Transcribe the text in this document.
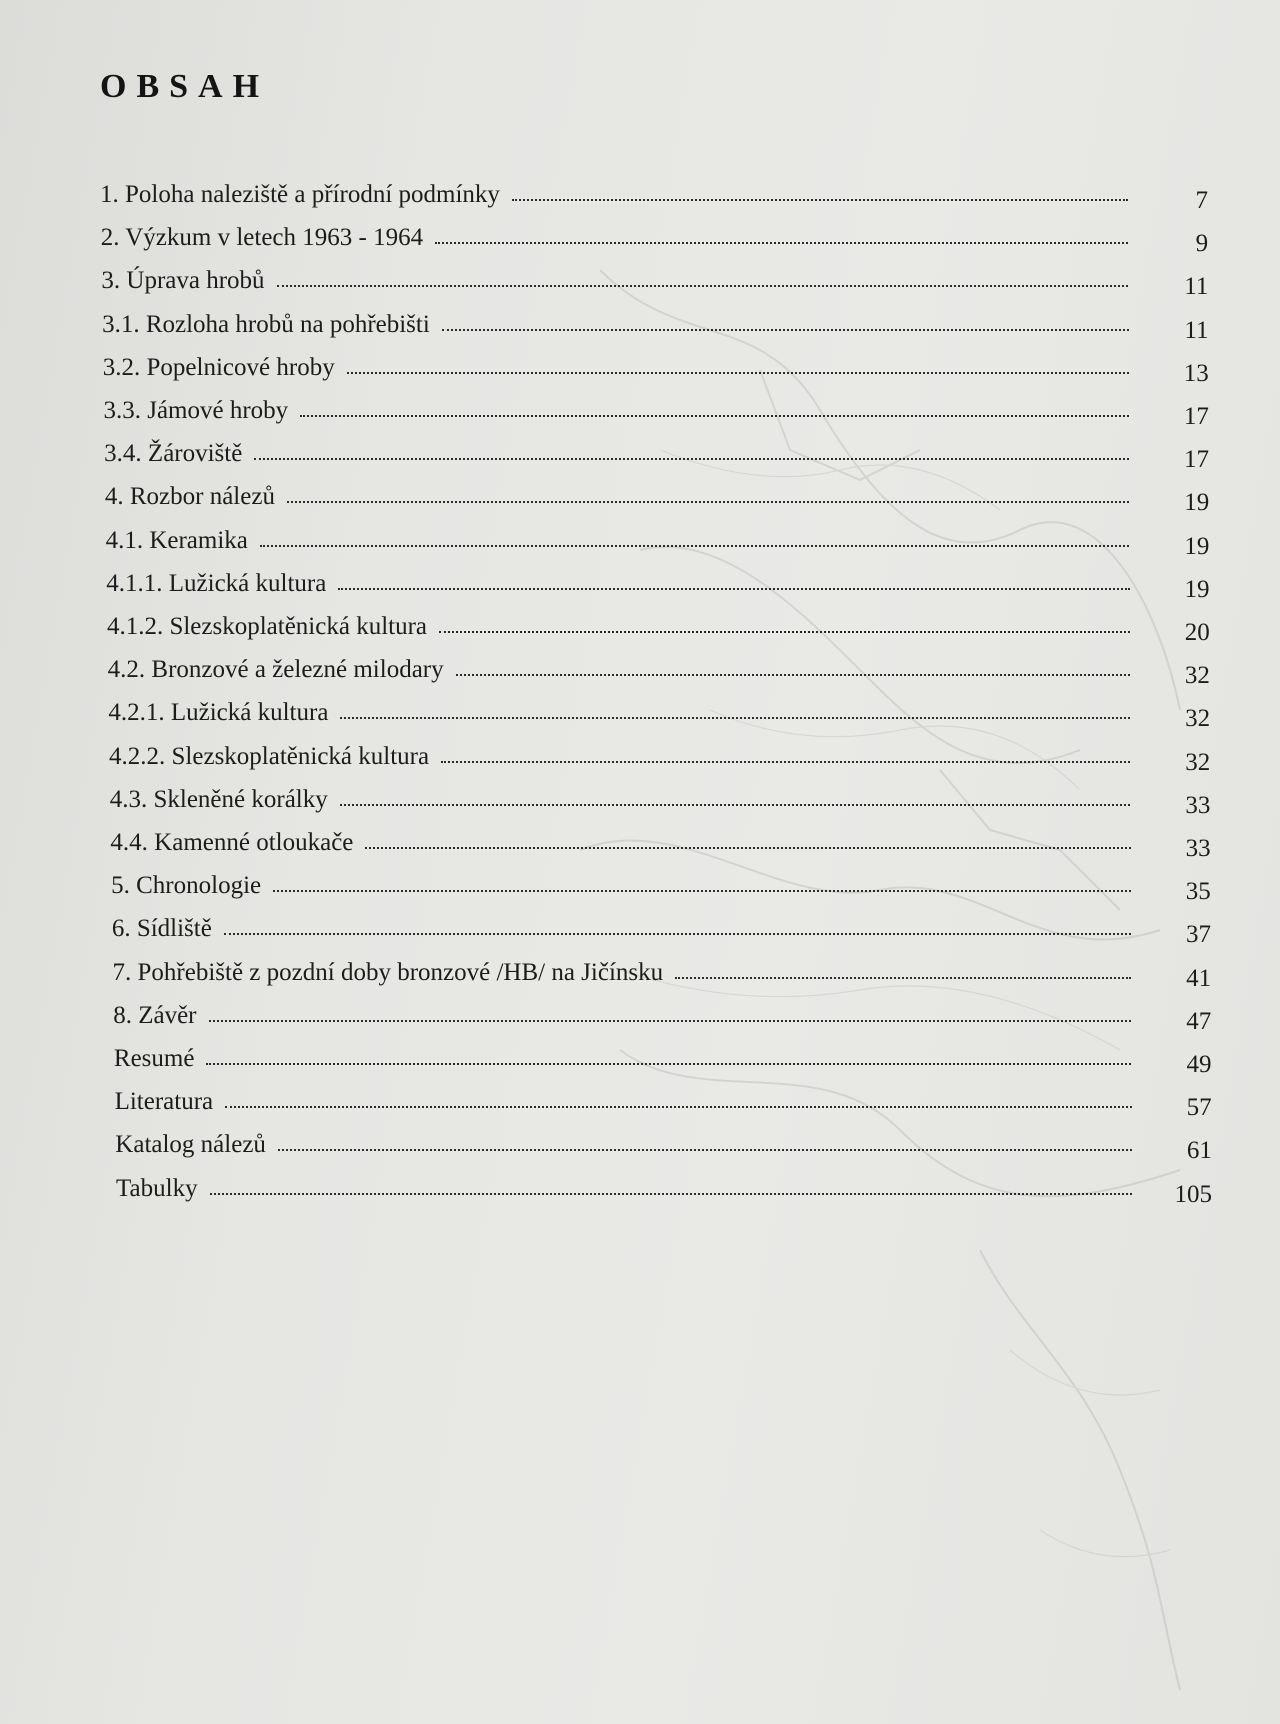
OBSAH
1. Poloha naleziště a přírodní podmínky	7
2. Výzkum v letech 1963 - 1964	9
3. Úprava hrobů	11
3.1. Rozloha hrobů na pohřebišti	11
3.2. Popelnicové hroby	13
3.3. Jámové hroby	17
3.4. Žároviště	17
4. Rozbor nálezů	19
4.1. Keramika	19
4.1.1. Lužická kultura	19
4.1.2. Slezskoplatěnická kultura	20
4.2. Bronzové a železné milodary	32
4.2.1. Lužická kultura	32
4.2.2. Slezskoplatěnická kultura	32
4.3. Skleněné korálky	33
4.4. Kamenné otloukače	33
5. Chronologie	35
6. Sídliště	37
7. Pohřebiště z pozdní doby bronzové /HB/ na Jičínsku	41
8. Závěr	47
Resumé	49
Literatura	57
Katalog nálezů	61
Tabulky	105
